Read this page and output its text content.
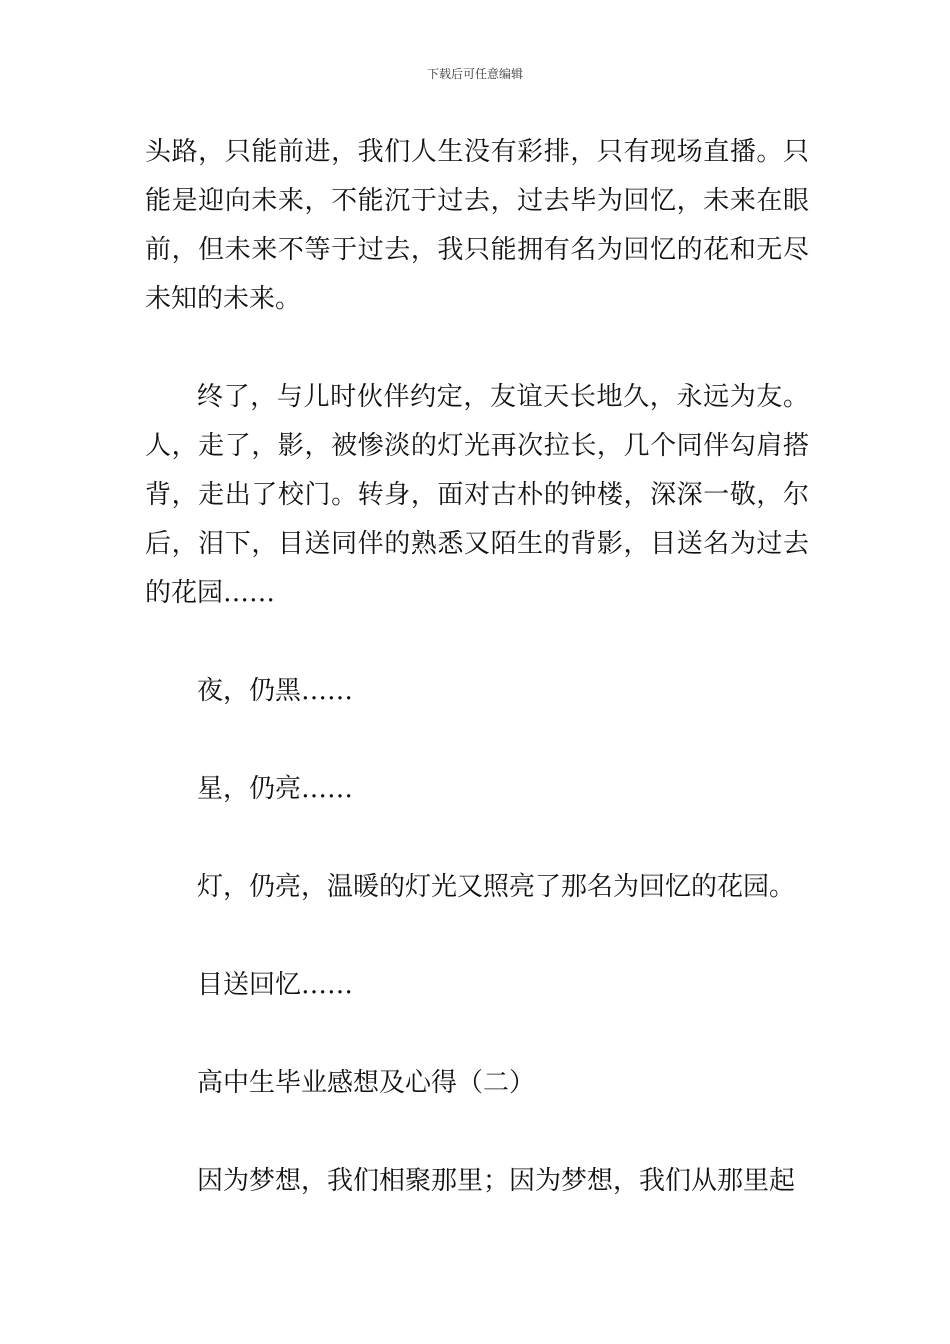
下载后可任意编辑

头路，只能前进，我们人生没有彩排，只有现场直播。只能是迎向未来，不能沉于过去，过去毕为回忆，未来在眼前，但未来不等于过去，我只能拥有名为回忆的花和无尽未知的未来。

终了，与儿时伙伴约定，友谊天长地久，永远为友。人，走了，影，被惨淡的灯光再次拉长，几个同伴勾肩搭背，走出了校门。转身，面对古朴的钟楼，深深一敬，尔后，泪下，目送同伴的熟悉又陌生的背影，目送名为过去的花园……

夜，仍黑……

星，仍亮……

灯，仍亮，温暖的灯光又照亮了那名为回忆的花园。

目送回忆……

高中生毕业感想及心得（二）

因为梦想，我们相聚那里；因为梦想，我们从那里起
